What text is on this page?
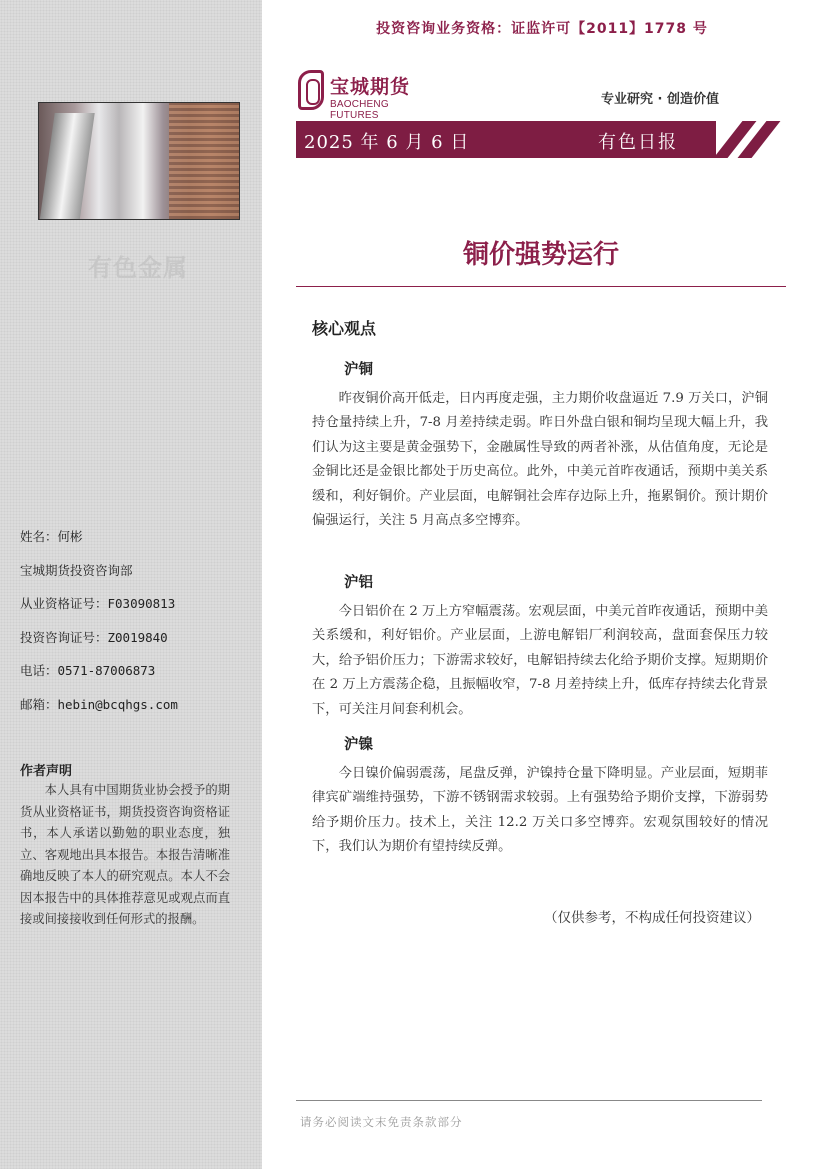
有色金属
姓名：何彬
宝城期货投资咨询部
从业资格证号：F03090813
投资咨询证号：Z0019840
电话：0571-87006873
邮箱：hebin@bcqhgs.com
作者声明
本人具有中国期货业协会授予的期货从业资格证书，期货投资咨询资格证书，本人承诺以勤勉的职业态度，独立、客观地出具本报告。本报告清晰准确地反映了本人的研究观点。本人不会因本报告中的具体推荐意见或观点而直接或间接接收到任何形式的报酬。
投资咨询业务资格：证监许可【2011】1778 号
宝城期货
BAOCHENG FUTURES
专业研究 · 创造价值
2025 年 6 月 6 日	有色日报
铜价强势运行
核心观点
沪铜
昨夜铜价高开低走，日内再度走强，主力期价收盘逼近 7.9 万关口，沪铜持仓量持续上升，7-8 月差持续走弱。昨日外盘白银和铜均呈现大幅上升，我们认为这主要是黄金强势下，金融属性导致的两者补涨，从估值角度，无论是金铜比还是金银比都处于历史高位。此外，中美元首昨夜通话，预期中美关系缓和，利好铜价。产业层面，电解铜社会库存边际上升，拖累铜价。预计期价偏强运行，关注 5 月高点多空博弈。
沪铝
今日铝价在 2 万上方窄幅震荡。宏观层面，中美元首昨夜通话，预期中美关系缓和，利好铝价。产业层面，上游电解铝厂利润较高，盘面套保压力较大，给予铝价压力；下游需求较好，电解铝持续去化给予期价支撑。短期期价在 2 万上方震荡企稳，且振幅收窄，7-8 月差持续上升，低库存持续去化背景下，可关注月间套利机会。
沪镍
今日镍价偏弱震荡，尾盘反弹，沪镍持仓量下降明显。产业层面，短期菲律宾矿端维持强势，下游不锈钢需求较弱。上有强势给予期价支撑，下游弱势给予期价压力。技术上，关注 12.2 万关口多空博弈。宏观氛围较好的情况下，我们认为期价有望持续反弹。
（仅供参考，不构成任何投资建议）
请务必阅读文末免责条款部分
